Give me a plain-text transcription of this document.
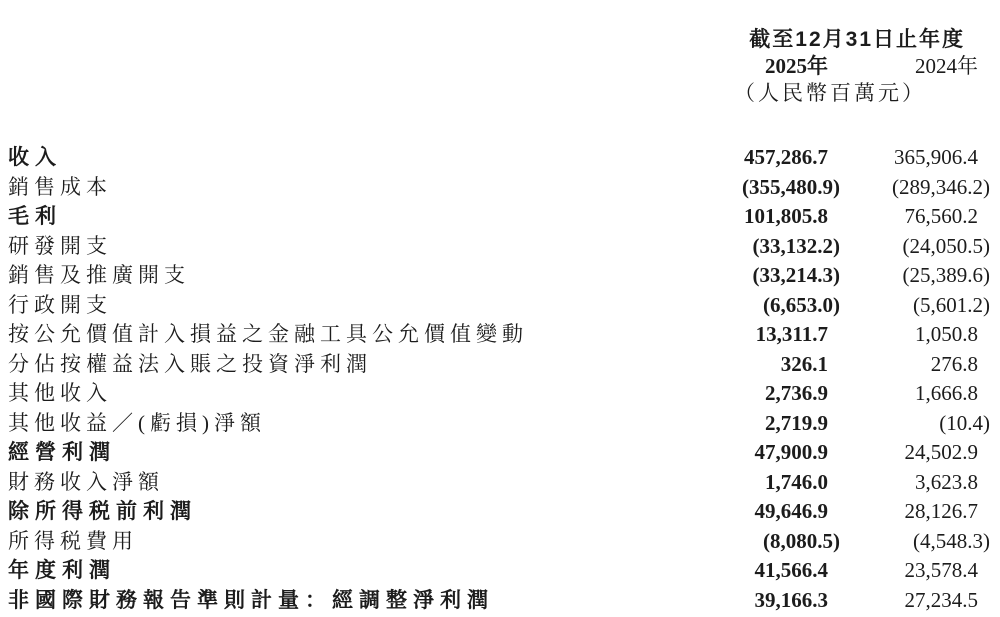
截至12月31日止年度
2025年	2024年
（人民幣百萬元）
收入	457,286.7	365,906.4
銷售成本	(355,480.9)	(289,346.2)
毛利	101,805.8	76,560.2
研發開支	(33,132.2)	(24,050.5)
銷售及推廣開支	(33,214.3)	(25,389.6)
行政開支	(6,653.0)	(5,601.2)
按公允價值計入損益之金融工具公允價值變動	13,311.7	1,050.8
分佔按權益法入賬之投資淨利潤	326.1	276.8
其他收入	2,736.9	1,666.8
其他收益／(虧損)淨額	2,719.9	(10.4)
經營利潤	47,900.9	24,502.9
財務收入淨額	1,746.0	3,623.8
除所得税前利潤	49,646.9	28,126.7
所得税費用	(8,080.5)	(4,548.3)
年度利潤	41,566.4	23,578.4
非國際財務報告準則計量：經調整淨利潤	39,166.3	27,234.5
